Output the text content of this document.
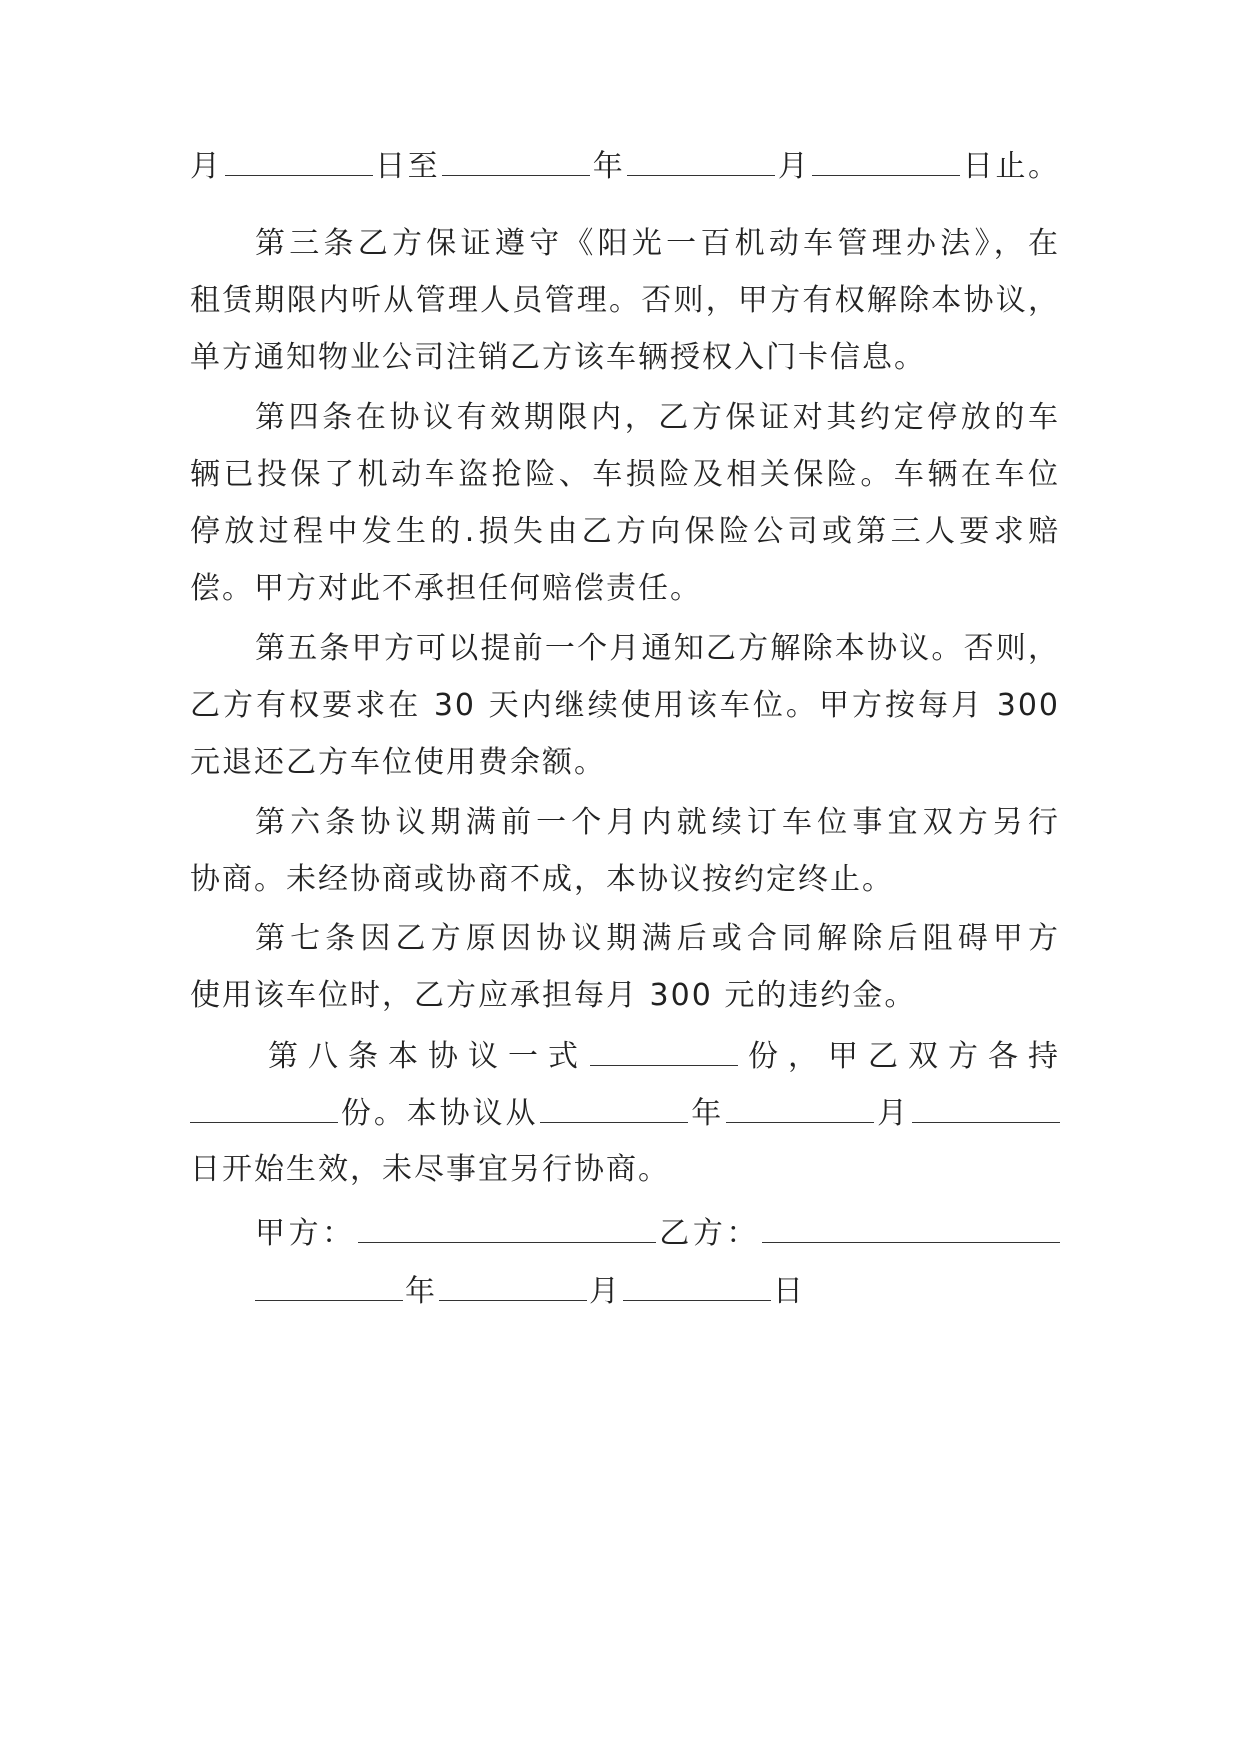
月	日至	年	月	日止。
第三条乙方保证遵守《阳光一百机动车管理办法》，在
租赁期限内听从管理人员管理。否则，甲方有权解除本协议，
单方通知物业公司注销乙方该车辆授权入门卡信息。
第四条在协议有效期限内，乙方保证对其约定停放的车
辆已投保了机动车盗抢险、车损险及相关保险。车辆在车位
停放过程中发生的.损失由乙方向保险公司或第三人要求赔
偿。甲方对此不承担任何赔偿责任。
第五条甲方可以提前一个月通知乙方解除本协议。否则，
乙方有权要求在 30 天内继续使用该车位。甲方按每月 300
元退还乙方车位使用费余额。
第六条协议期满前一个月内就续订车位事宜双方另行
协商。未经协商或协商不成，本协议按约定终止。
第七条因乙方原因协议期满后或合同解除后阻碍甲方
使用该车位时，乙方应承担每月 300 元的违约金。
第八条本协议一式	份，甲乙双方各持
份。本协议从	年	月
日开始生效，未尽事宜另行协商。
甲方：	乙方：
年	月	日
